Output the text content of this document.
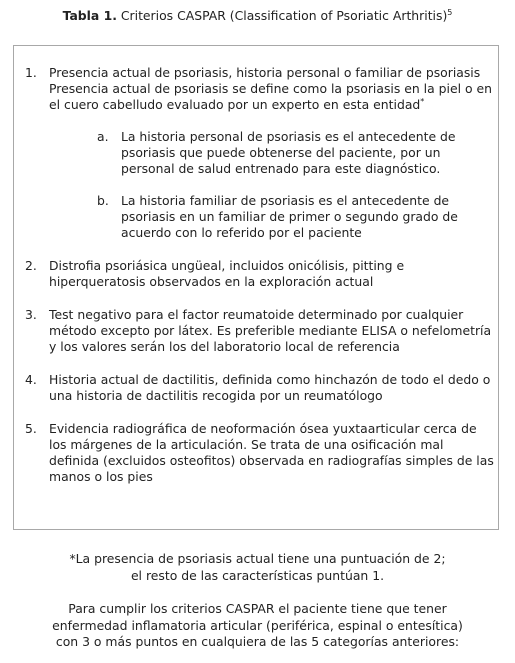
Tabla 1. Criterios CASPAR (Classification of Psoriatic Arthritis)$^5$
1. Presencia actual de psoriasis, historia personal o familiar de psoriasis Presencia actual de psoriasis se define como la psoriasis en la piel o en el cuero cabelludo evaluado por un experto en esta entidad*
a.	La historia personal de psoriasis es el antecedente de psoriasis que puede obtenerse del paciente, por un personal de salud entrenado para este diagnóstico.
b. La historia familiar de psoriasis es el antecedente de psoriasis en un familiar de primer o segundo grado de acuerdo con lo referido por el paciente
2. Distrofia psoriásica ungüeal, incluidos onicólisis, pitting e hiperqueratosis observados en la exploración actual
3. Test negativo para el factor reumatoide determinado por cualquier método excepto por látex. Es preferible mediante ELISA o nefelometría y los valores serán los del laboratorio local de referencia
4. Historia actual de dactilitis, definida como hinchazón de todo el dedo o una historia de dactilitis recogida por un reumatólogo
5. Evidencia radiográfica de neoformación ósea yuxtaarticular cerca de los márgenes de la articulación. Se trata de una osificación mal definida (excluidos osteofitos) observada en radiografías simples de las manos o los pies
*La presencia de psoriasis actual tiene una puntuación de 2;
el resto de las características puntúan 1.
Para cumplir los criterios CASPAR el paciente tiene que tener
enfermedad inflamatoria articular (periférica, espinal o entesítica)
con 3 o más puntos en cualquiera de las 5 categorías anteriores:
